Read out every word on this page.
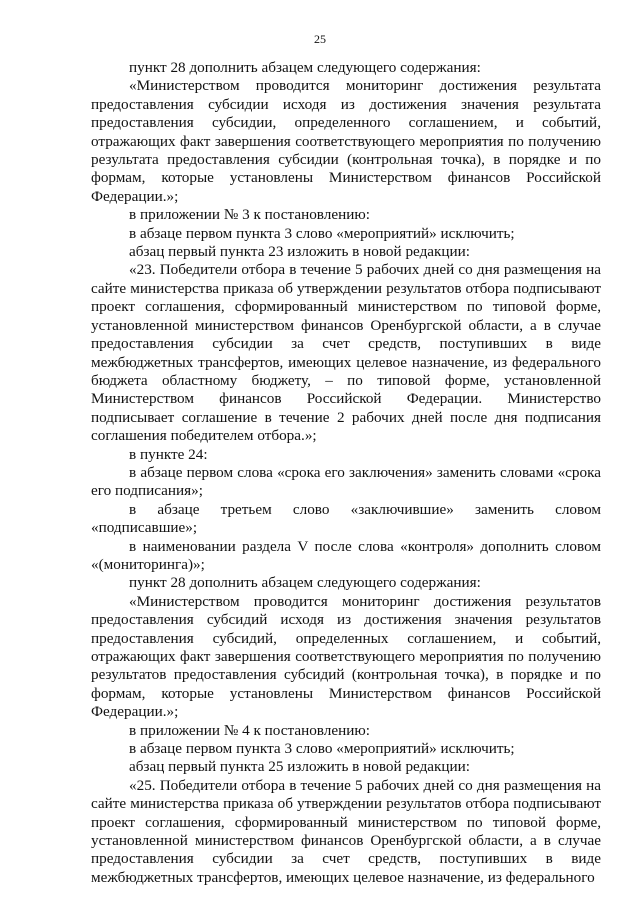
25

пункт 28 дополнить абзацем следующего содержания:

«Министерством проводится мониторинг достижения результата предоставления субсидии исходя из достижения значения результата предоставления субсидии, определенного соглашением, и событий, отражающих факт завершения соответствующего мероприятия по получению результата предоставления субсидии (контрольная точка), в порядке и по формам, которые установлены Министерством финансов Российской Федерации.»;

в приложении № 3 к постановлению:

в абзаце первом пункта 3 слово «мероприятий» исключить;

абзац первый пункта 23 изложить в новой редакции:

«23. Победители отбора в течение 5 рабочих дней со дня размещения на сайте министерства приказа об утверждении результатов отбора подписывают проект соглашения, сформированный министерством по типовой форме, установленной министерством финансов Оренбургской области, а в случае предоставления субсидии за счет средств, поступивших в виде межбюджетных трансфертов, имеющих целевое назначение, из федерального бюджета областному бюджету, – по типовой форме, установленной Министерством финансов Российской Федерации. Министерство подписывает соглашение в течение 2 рабочих дней после дня подписания соглашения победителем отбора.»;

в пункте 24:

в абзаце первом слова «срока его заключения» заменить словами «срока его подписания»;

в абзаце третьем слово «заключившие» заменить словом «подписавшие»;

в наименовании раздела V после слова «контроля» дополнить словом «(мониторинга)»;

пункт 28 дополнить абзацем следующего содержания:

«Министерством проводится мониторинг достижения результатов предоставления субсидий исходя из достижения значения результатов предоставления субсидий, определенных соглашением, и событий, отражающих факт завершения соответствующего мероприятия по получению результатов предоставления субсидий (контрольная точка), в порядке и по формам, которые установлены Министерством финансов Российской Федерации.»;

в приложении № 4 к постановлению:

в абзаце первом пункта 3 слово «мероприятий» исключить;

абзац первый пункта 25 изложить в новой редакции:

«25. Победители отбора в течение 5 рабочих дней со дня размещения на сайте министерства приказа об утверждении результатов отбора подписывают проект соглашения, сформированный министерством по типовой форме, установленной министерством финансов Оренбургской области, а в случае предоставления субсидии за счет средств, поступивших в виде межбюджетных трансфертов, имеющих целевое назначение, из федерального
